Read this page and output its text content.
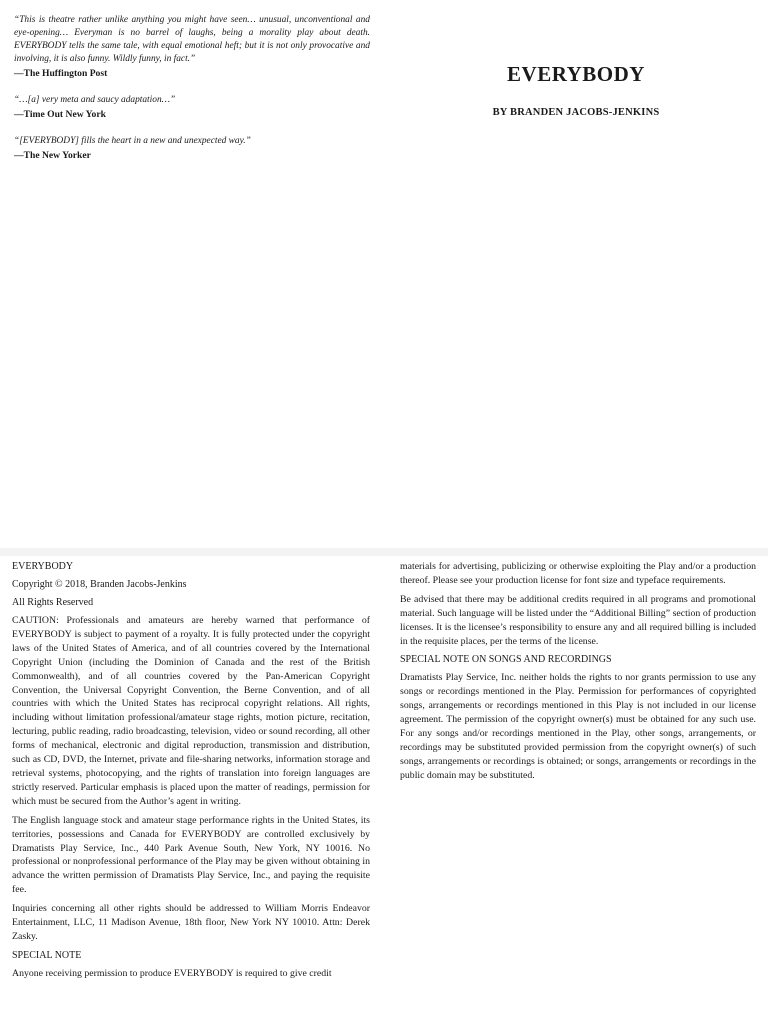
“This is theatre rather unlike anything you might have seen… unusual, unconventional and eye-opening… Everyman is no barrel of laughs, being a morality play about death. EVERYBODY tells the same tale, with equal emotional heft; but it is not only provocative and involving, it is also funny. Wildly funny, in fact.”

—The Huffington Post

“…[a] very meta and saucy adaptation…”

—Time Out New York

“[EVERYBODY] fills the heart in a new and unexpected way.”

—The New Yorker

EVERYBODY
BY BRANDEN JACOBS-JENKINS

EVERYBODY

Copyright © 2018, Branden Jacobs-Jenkins

All Rights Reserved

CAUTION: Professionals and amateurs are hereby warned that performance of EVERYBODY is subject to payment of a royalty. It is fully protected under the copyright laws of the United States of America, and of all countries covered by the International Copyright Union (including the Dominion of Canada and the rest of the British Commonwealth), and of all countries covered by the Pan-American Copyright Convention, the Universal Copyright Convention, the Berne Convention, and of all countries with which the United States has reciprocal copyright relations. All rights, including without limitation professional/amateur stage rights, motion picture, recitation, lecturing, public reading, radio broadcasting, television, video or sound recording, all other forms of mechanical, electronic and digital reproduction, transmission and distribution, such as CD, DVD, the Internet, private and file-sharing networks, information storage and retrieval systems, photocopying, and the rights of translation into foreign languages are strictly reserved. Particular emphasis is placed upon the matter of readings, permission for which must be secured from the Author’s agent in writing.

The English language stock and amateur stage performance rights in the United States, its territories, possessions and Canada for EVERYBODY are controlled exclusively by Dramatists Play Service, Inc., 440 Park Avenue South, New York, NY 10016. No professional or nonprofessional performance of the Play may be given without obtaining in advance the written permission of Dramatists Play Service, Inc., and paying the requisite fee.

Inquiries concerning all other rights should be addressed to William Morris Endeavor Entertainment, LLC, 11 Madison Avenue, 18th floor, New York NY 10010. Attn: Derek Zasky.

SPECIAL NOTE

Anyone receiving permission to produce EVERYBODY is required to give credit

materials for advertising, publicizing or otherwise exploiting the Play and/or a production thereof. Please see your production license for font size and typeface requirements.

Be advised that there may be additional credits required in all programs and promotional material. Such language will be listed under the “Additional Billing” section of production licenses. It is the licensee’s responsibility to ensure any and all required billing is included in the requisite places, per the terms of the license.

SPECIAL NOTE ON SONGS AND RECORDINGS

Dramatists Play Service, Inc. neither holds the rights to nor grants permission to use any songs or recordings mentioned in the Play. Permission for performances of copyrighted songs, arrangements or recordings mentioned in this Play is not included in our license agreement. The permission of the copyright owner(s) must be obtained for any such use. For any songs and/or recordings mentioned in the Play, other songs, arrangements, or recordings may be substituted provided permission from the copyright owner(s) of such songs, arrangements or recordings is obtained; or songs, arrangements or recordings in the public domain may be substituted.
